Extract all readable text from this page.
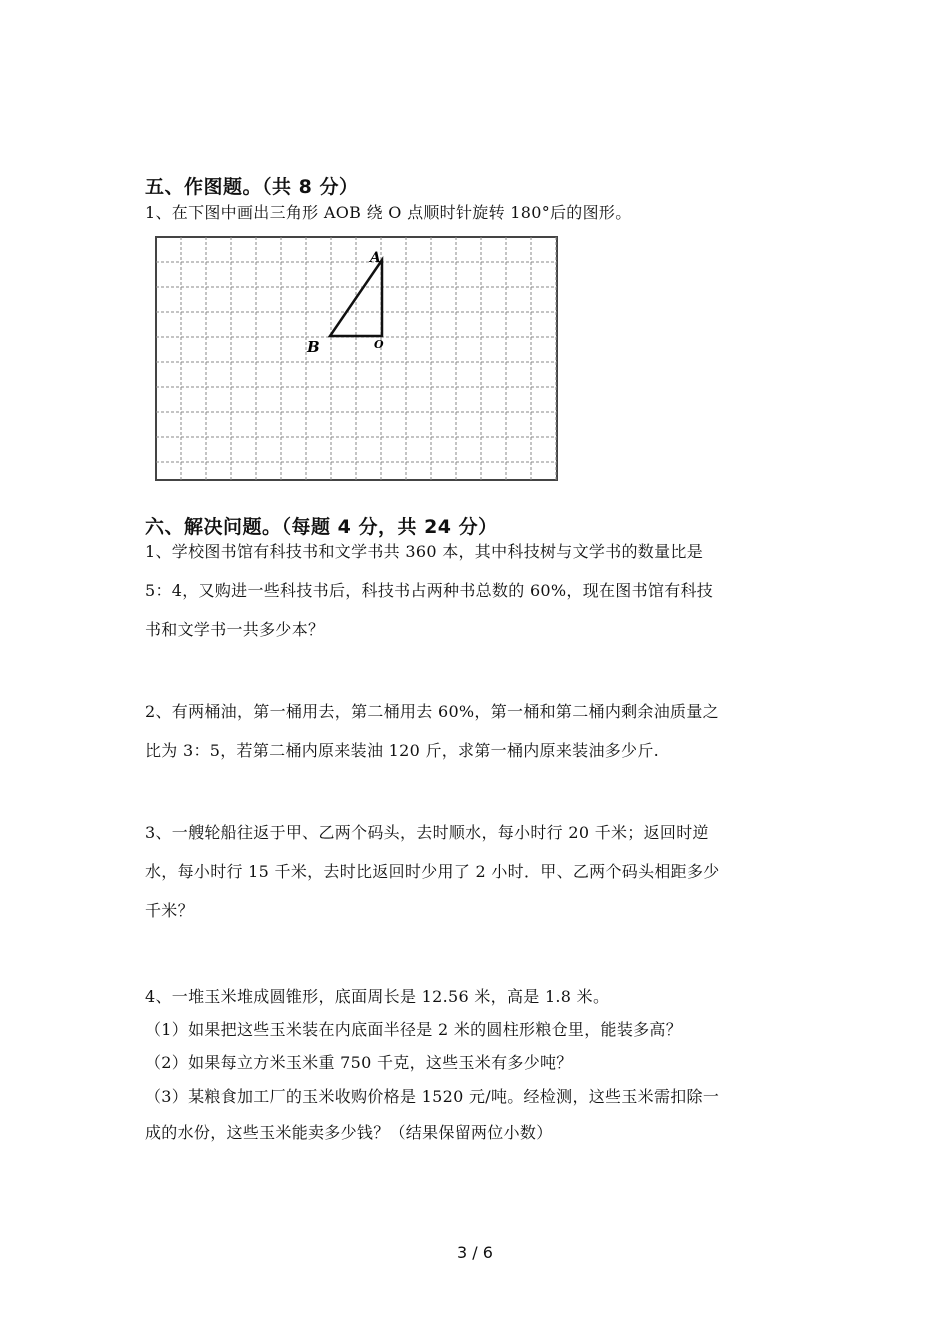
五、作图题。（共 8 分）
1、在下图中画出三角形 AOB 绕 O 点顺时针旋转 180°后的图形。
A
B	O
六、解决问题。（每题 4 分，共 24 分）
1、学校图书馆有科技书和文学书共 360 本，其中科技树与文学书的数量比是
5：4，又购进一些科技书后，科技书占两种书总数的 60%，现在图书馆有科技
书和文学书一共多少本？
2、有两桶油，第一桶用去，第二桶用去 60%，第一桶和第二桶内剩余油质量之
比为 3：5，若第二桶内原来装油 120 斤，求第一桶内原来装油多少斤.
3、一艘轮船往返于甲、乙两个码头，去时顺水，每小时行 20 千米；返回时逆
水，每小时行 15 千米，去时比返回时少用了 2 小时．甲、乙两个码头相距多少
千米？
4、一堆玉米堆成圆锥形，底面周长是 12.56 米，高是 1.8 米。
（1）如果把这些玉米装在内底面半径是 2 米的圆柱形粮仓里，能装多高？
（2）如果每立方米玉米重 750 千克，这些玉米有多少吨？
（3）某粮食加工厂的玉米收购价格是 1520 元/吨。经检测，这些玉米需扣除一
成的水份，这些玉米能卖多少钱？（结果保留两位小数）
3 / 6
